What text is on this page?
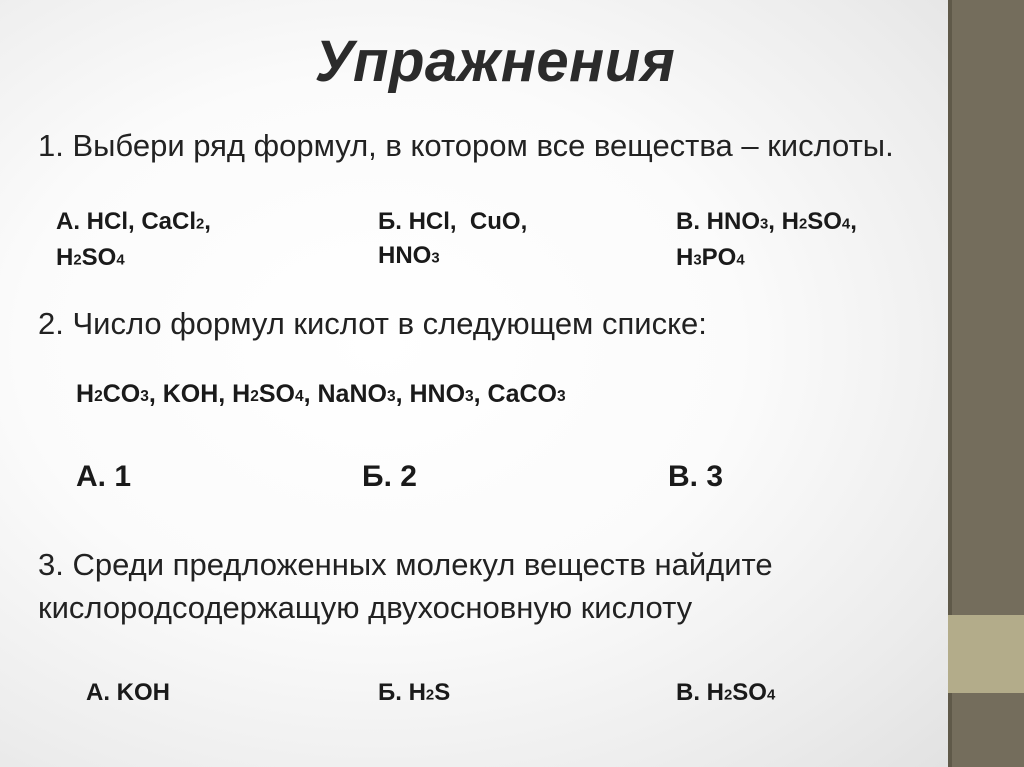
Упражнения
1. Выбери ряд формул, в котором все вещества – кислоты.
А. HCl, CaCl2,
H2SO4
Б. HCl,  CuO,
HNO3
В. HNO3, H2SO4,
H3PO4
2. Число формул кислот в следующем списке:
H2CO3, KOH, H2SO4, NaNO3, HNO3, CaCO3
А. 1	Б. 2	В. 3
3. Среди предложенных молекул веществ найдите
кислородсодержащую двухосновную кислоту
А. KOH	Б. H2S	В. H2SO4
